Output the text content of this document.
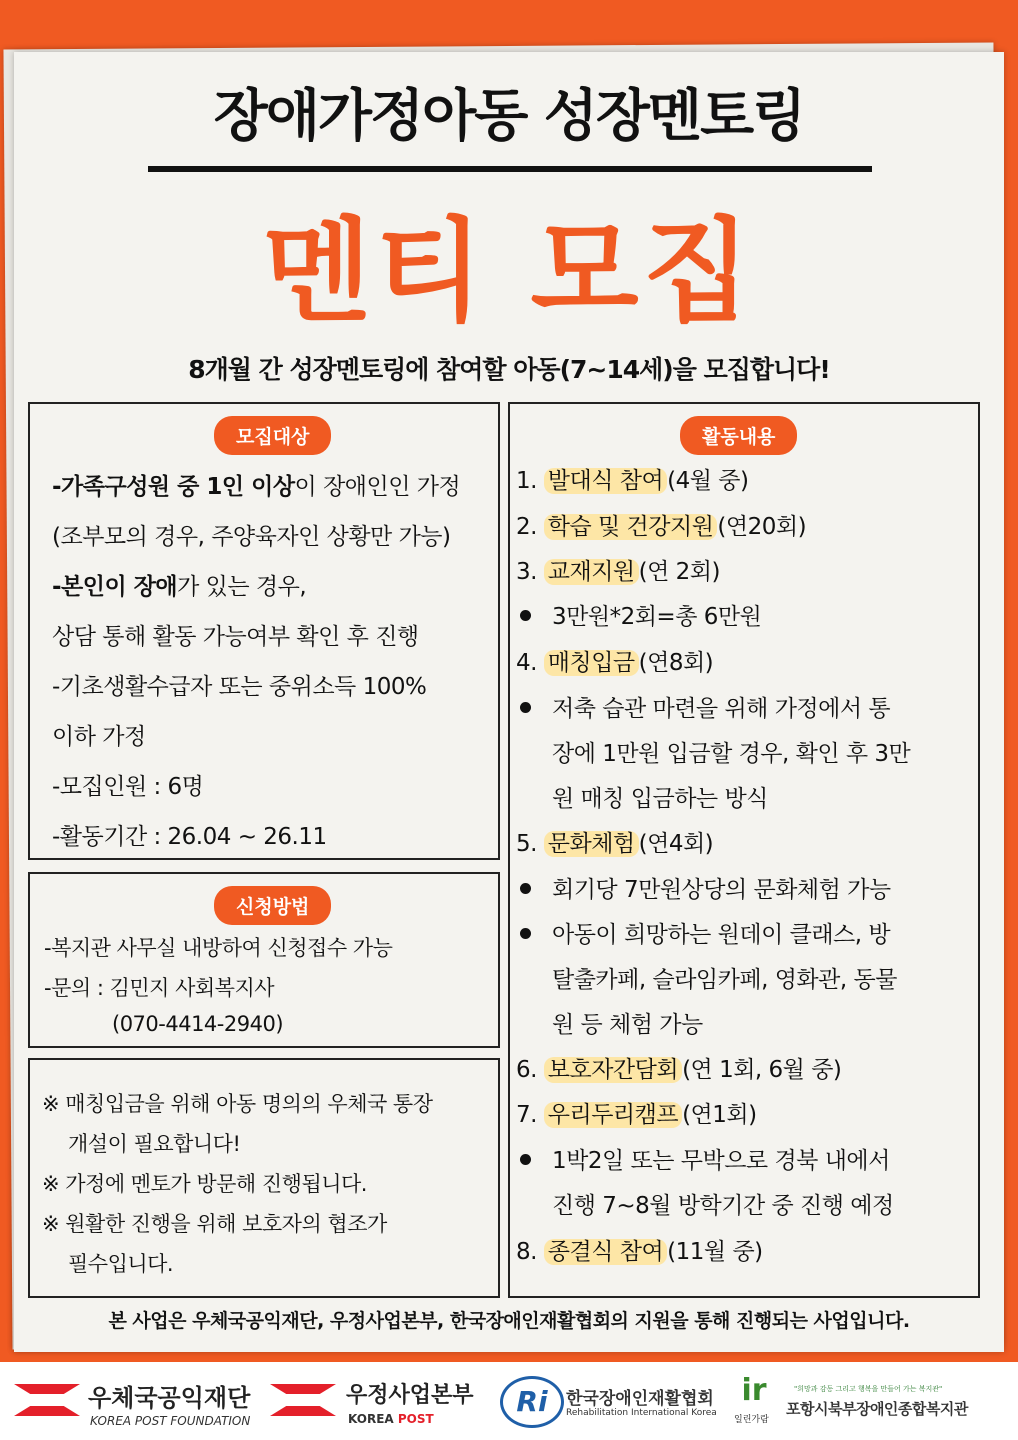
장애가정아동 성장멘토링
멘티 모집
8개월 간 성장멘토링에 참여할 아동(7~14세)을 모집합니다!
모집대상
-가족구성원 중 1인 이상이 장애인인 가정
(조부모의 경우, 주양육자인 상황만 가능)
-본인이 장애가 있는 경우,
상담 통해 활동 가능여부 확인 후 진행
-기초생활수급자 또는 중위소득 100%
이하 가정
-모집인원 : 6명
-활동기간 : 26.04 ~ 26.11
신청방법
-복지관 사무실 내방하여 신청접수 가능
-문의 : 김민지 사회복지사
(070-4414-2940)
※ 매칭입금을 위해 아동 명의의 우체국 통장
개설이 필요합니다!
※ 가정에 멘토가 방문해 진행됩니다.
※ 원활한 진행을 위해 보호자의 협조가
필수입니다.
활동내용
1. 발대식 참여 (4월 중)
2. 학습 및 건강지원 (연20회)
3. 교재지원 (연 2회)
3만원*2회=총 6만원
4. 매칭입금 (연8회)
저축 습관 마련을 위해 가정에서 통
장에 1만원 입금할 경우, 확인 후 3만
원 매칭 입금하는 방식
5. 문화체험 (연4회)
회기당 7만원상당의 문화체험 가능
아동이 희망하는 원데이 클래스, 방
탈출카페, 슬라임카페, 영화관, 동물
원 등 체험 가능
6. 보호자간담회 (연 1회, 6월 중)
7. 우리두리캠프 (연1회)
1박2일 또는 무박으로 경북 내에서
진행 7~8월 방학기간 중 진행 예정
8. 종결식 참여 (11월 중)
본 사업은 우체국공익재단, 우정사업본부, 한국장애인재활협회의 지원을 통해 진행되는 사업입니다.
우체국공익재단
KOREA POST FOUNDATION
우정사업본부
KOREA POST
Ri	한국장애인재활협회
Rehabilitation International Korea
ir
일린가람
"희망과 감동 그리고 행복을 만들어 가는 복지관"
포항시북부장애인종합복지관
